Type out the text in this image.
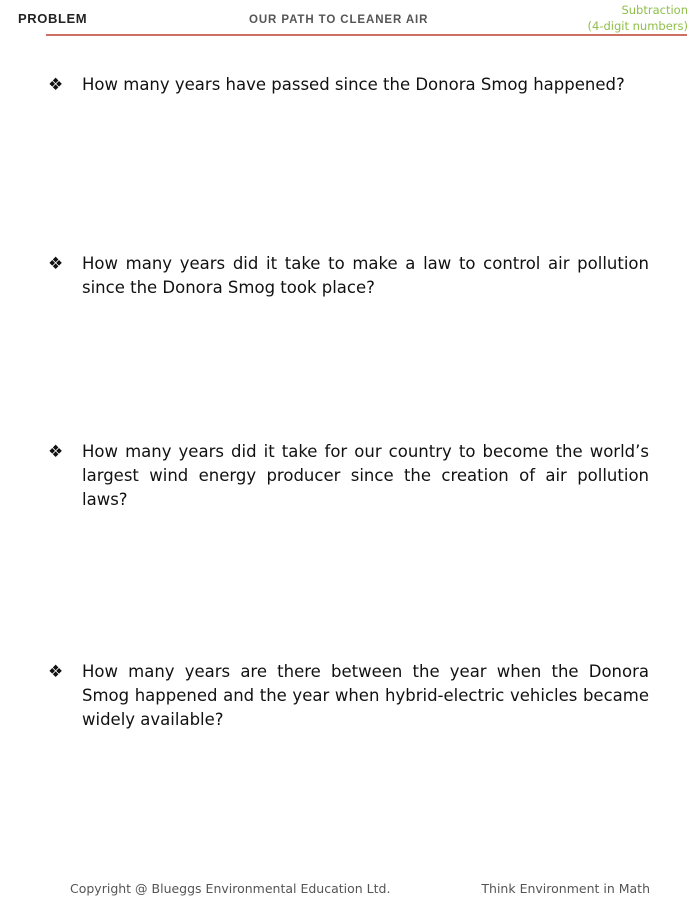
PROBLEM	OUR PATH TO CLEANER AIR
Subtraction
(4-digit numbers)
❖ How many years have passed since the Donora Smog happened?
❖ How many years did it take to make a law to control air pollution since the Donora Smog took place?
❖ How many years did it take for our country to become the world’s largest wind energy producer since the creation of air pollution laws?
❖ How many years are there between the year when the Donora Smog happened and the year when hybrid-electric vehicles became widely available?
Copyright @ Blueggs Environmental Education Ltd.	Think Environment in Math
